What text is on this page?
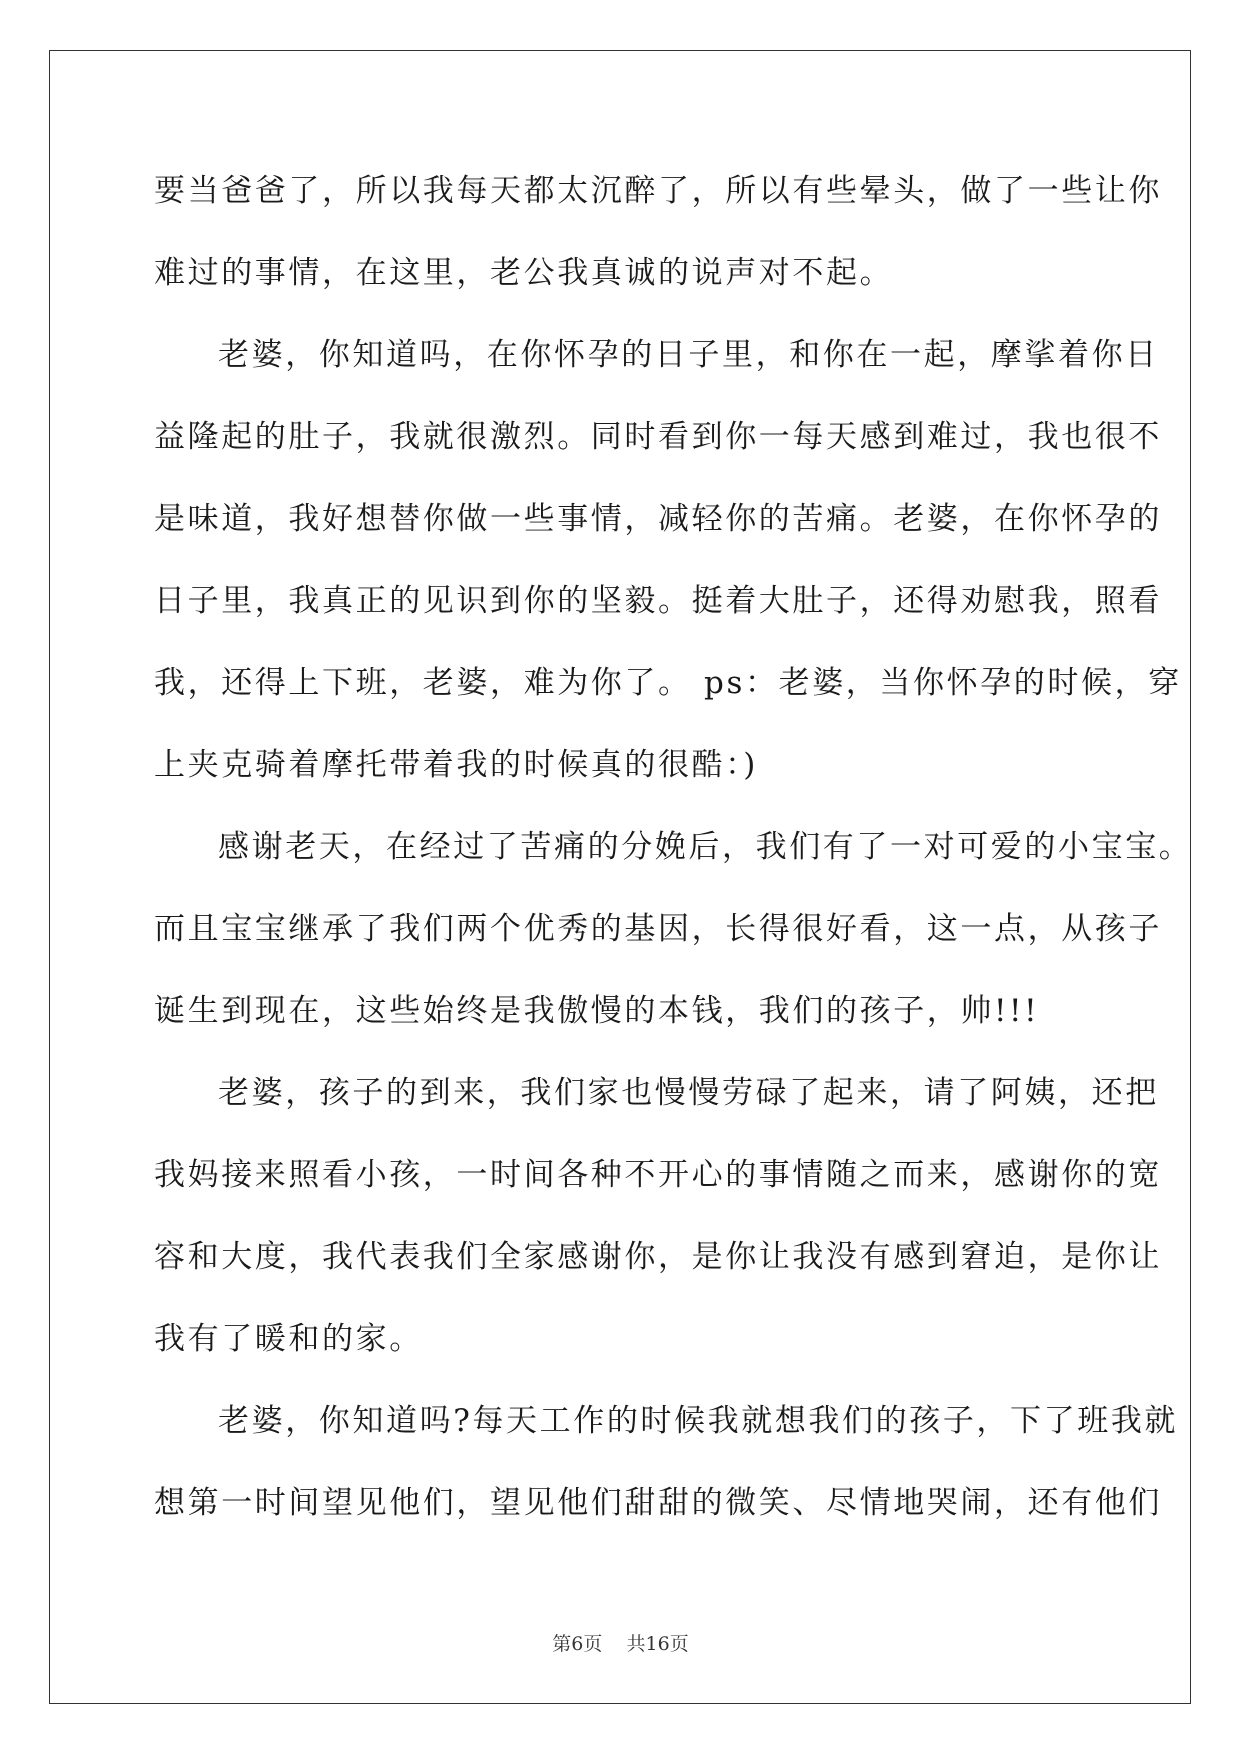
要当爸爸了，所以我每天都太沉醉了，所以有些晕头，做了一些让你
难过的事情，在这里，老公我真诚的说声对不起。
老婆，你知道吗，在你怀孕的日子里，和你在一起，摩挲着你日
益隆起的肚子，我就很激烈。同时看到你一每天感到难过，我也很不
是味道，我好想替你做一些事情，减轻你的苦痛。老婆，在你怀孕的
日子里，我真正的见识到你的坚毅。挺着大肚子，还得劝慰我，照看
我，还得上下班，老婆，难为你了。 ps：老婆，当你怀孕的时候，穿
上夹克骑着摩托带着我的时候真的很酷：)
感谢老天，在经过了苦痛的分娩后，我们有了一对可爱的小宝宝。
而且宝宝继承了我们两个优秀的基因，长得很好看，这一点，从孩子
诞生到现在，这些始终是我傲慢的本钱，我们的孩子，帅!!!
老婆，孩子的到来，我们家也慢慢劳碌了起来，请了阿姨，还把
我妈接来照看小孩，一时间各种不开心的事情随之而来，感谢你的宽
容和大度，我代表我们全家感谢你，是你让我没有感到窘迫，是你让
我有了暖和的家。
老婆，你知道吗?每天工作的时候我就想我们的孩子，下了班我就
想第一时间望见他们，望见他们甜甜的微笑、尽情地哭闹，还有他们
第6页 共16页
